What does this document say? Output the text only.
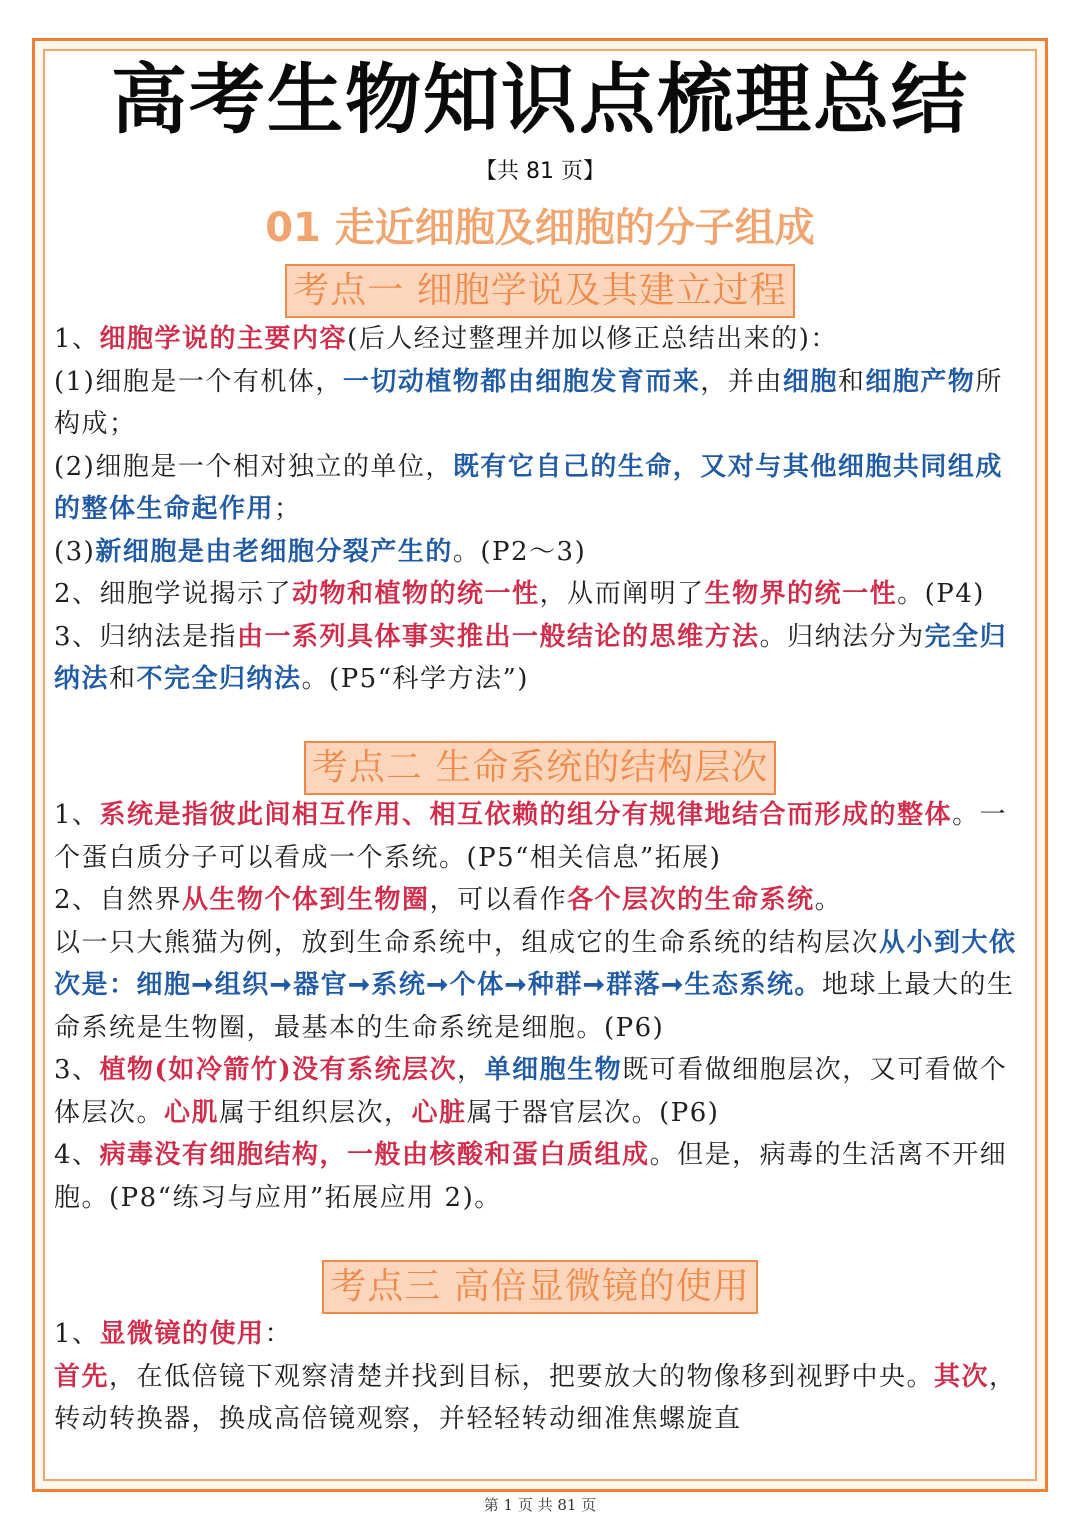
高考生物知识点梳理总结
【共 81 页】
01 走近细胞及细胞的分子组成
考点一 细胞学说及其建立过程

1、细胞学说的主要内容(后人经过整理并加以修正总结出来的)：

(1)细胞是一个有机体，一切动植物都由细胞发育而来，并由细胞和细胞产物所构成；

(2)细胞是一个相对独立的单位，既有它自己的生命，又对与其他细胞共同组成的整体生命起作用；

(3)新细胞是由老细胞分裂产生的。(P2～3)

2、细胞学说揭示了动物和植物的统一性，从而阐明了生物界的统一性。(P4)

3、归纳法是指由一系列具体事实推出一般结论的思维方法。归纳法分为完全归纳法和不完全归纳法。(P5“科学方法”)

考点二 生命系统的结构层次

1、系统是指彼此间相互作用、相互依赖的组分有规律地结合而形成的整体。一个蛋白质分子可以看成一个系统。(P5“相关信息”拓展)

2、自然界从生物个体到生物圈，可以看作各个层次的生命系统。

以一只大熊猫为例，放到生命系统中，组成它的生命系统的结构层次从小到大依次是：细胞➞组织➞器官➞系统➞个体➞种群➞群落➞生态系统。地球上最大的生命系统是生物圈，最基本的生命系统是细胞。(P6)

3、植物(如冷箭竹)没有系统层次，单细胞生物既可看做细胞层次，又可看做个体层次。心肌属于组织层次，心脏属于器官层次。(P6)

4、病毒没有细胞结构，一般由核酸和蛋白质组成。但是，病毒的生活离不开细胞。(P8“练习与应用”拓展应用 2)。

考点三 高倍显微镜的使用

1、显微镜的使用：

首先，在低倍镜下观察清楚并找到目标，把要放大的物像移到视野中央。其次，转动转换器，换成高倍镜观察，并轻轻转动细准焦螺旋直

第 1 页 共 81 页
